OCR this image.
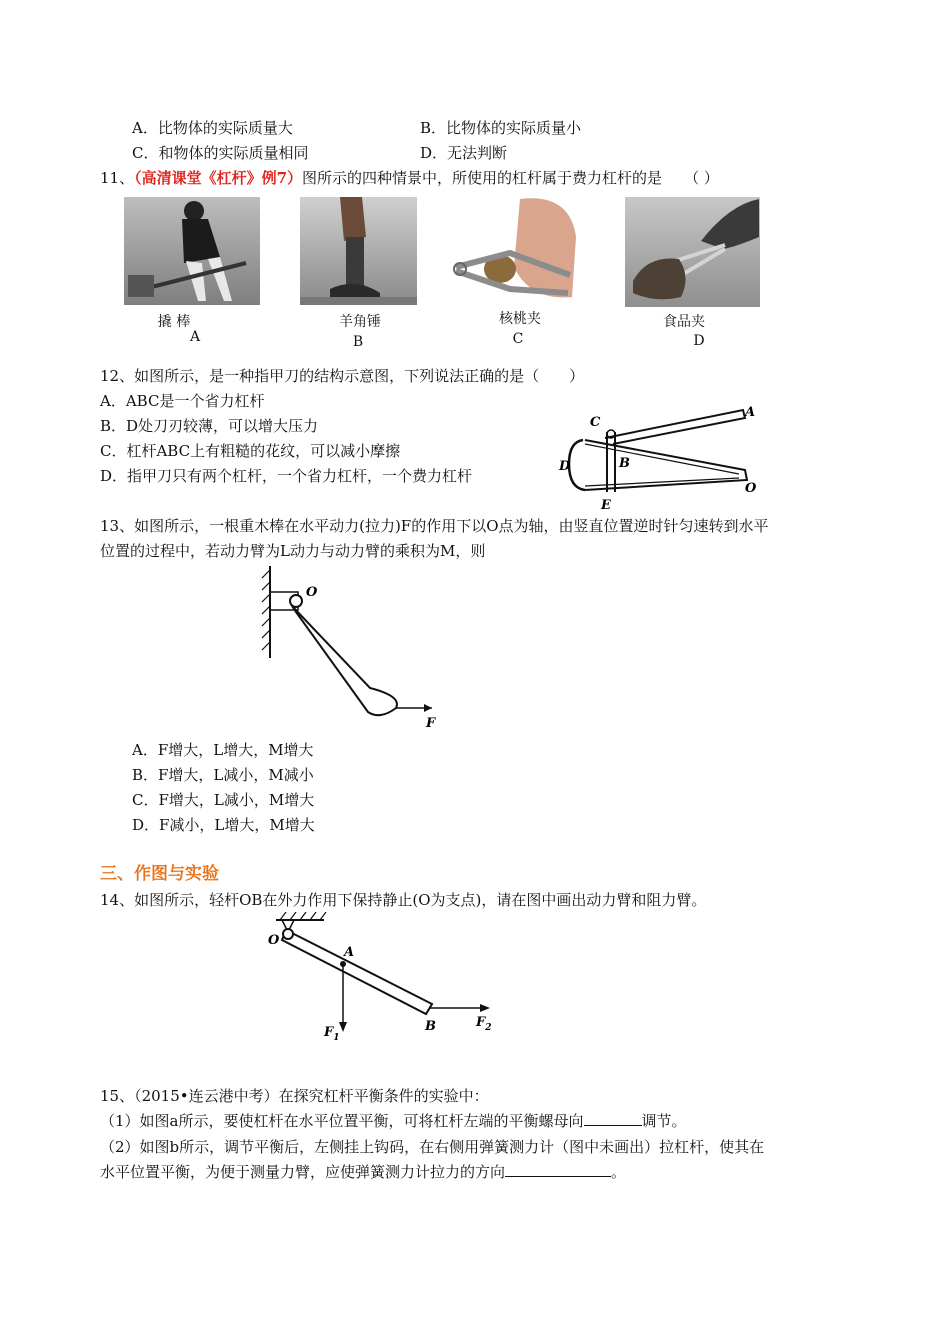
A．比物体的实际质量大	B．比物体的实际质量小
C．和物体的实际质量相同	D．无法判断
11、（高清课堂《杠杆》例7）图所示的四种情景中，所使用的杠杆属于费力杠杆的是 （ ）
撬 棒
A
羊角锤
B
核桃夹
C
食品夹
D
12、如图所示，是一种指甲刀的结构示意图，下列说法正确的是（　　）
A．ABC是一个省力杠杆
B．D处刀刃较薄，可以增大压力
C．杠杆ABC上有粗糙的花纹，可以减小摩擦
D．指甲刀只有两个杠杆，一个省力杠杆，一个费力杠杆
C
A
B
D
E
O
13、如图所示，一根重木棒在水平动力(拉力)F的作用下以O点为轴，由竖直位置逆时针匀速转到水平
位置的过程中，若动力臂为L动力与动力臂的乘积为M，则
O
F
A．F增大，L增大，M增大
B．F增大，L减小，M减小
C．F增大，L减小，M增大
D．F减小，L增大，M增大
三、作图与实验
14、如图所示，轻杆OB在外力作用下保持静止(O为支点)，请在图中画出动力臂和阻力臂。
O
A
B
$F_1$
$F_2$
15、（2015•连云港中考）在探究杠杆平衡条件的实验中：
（1）如图a所示，要使杠杆在水平位置平衡，可将杠杆左端的平衡螺母向	调节。
（2）如图b所示，调节平衡后，左侧挂上钩码，在右侧用弹簧测力计（图中未画出）拉杠杆，使其在
水平位置平衡，为便于测量力臂，应使弹簧测力计拉力的方向	。
